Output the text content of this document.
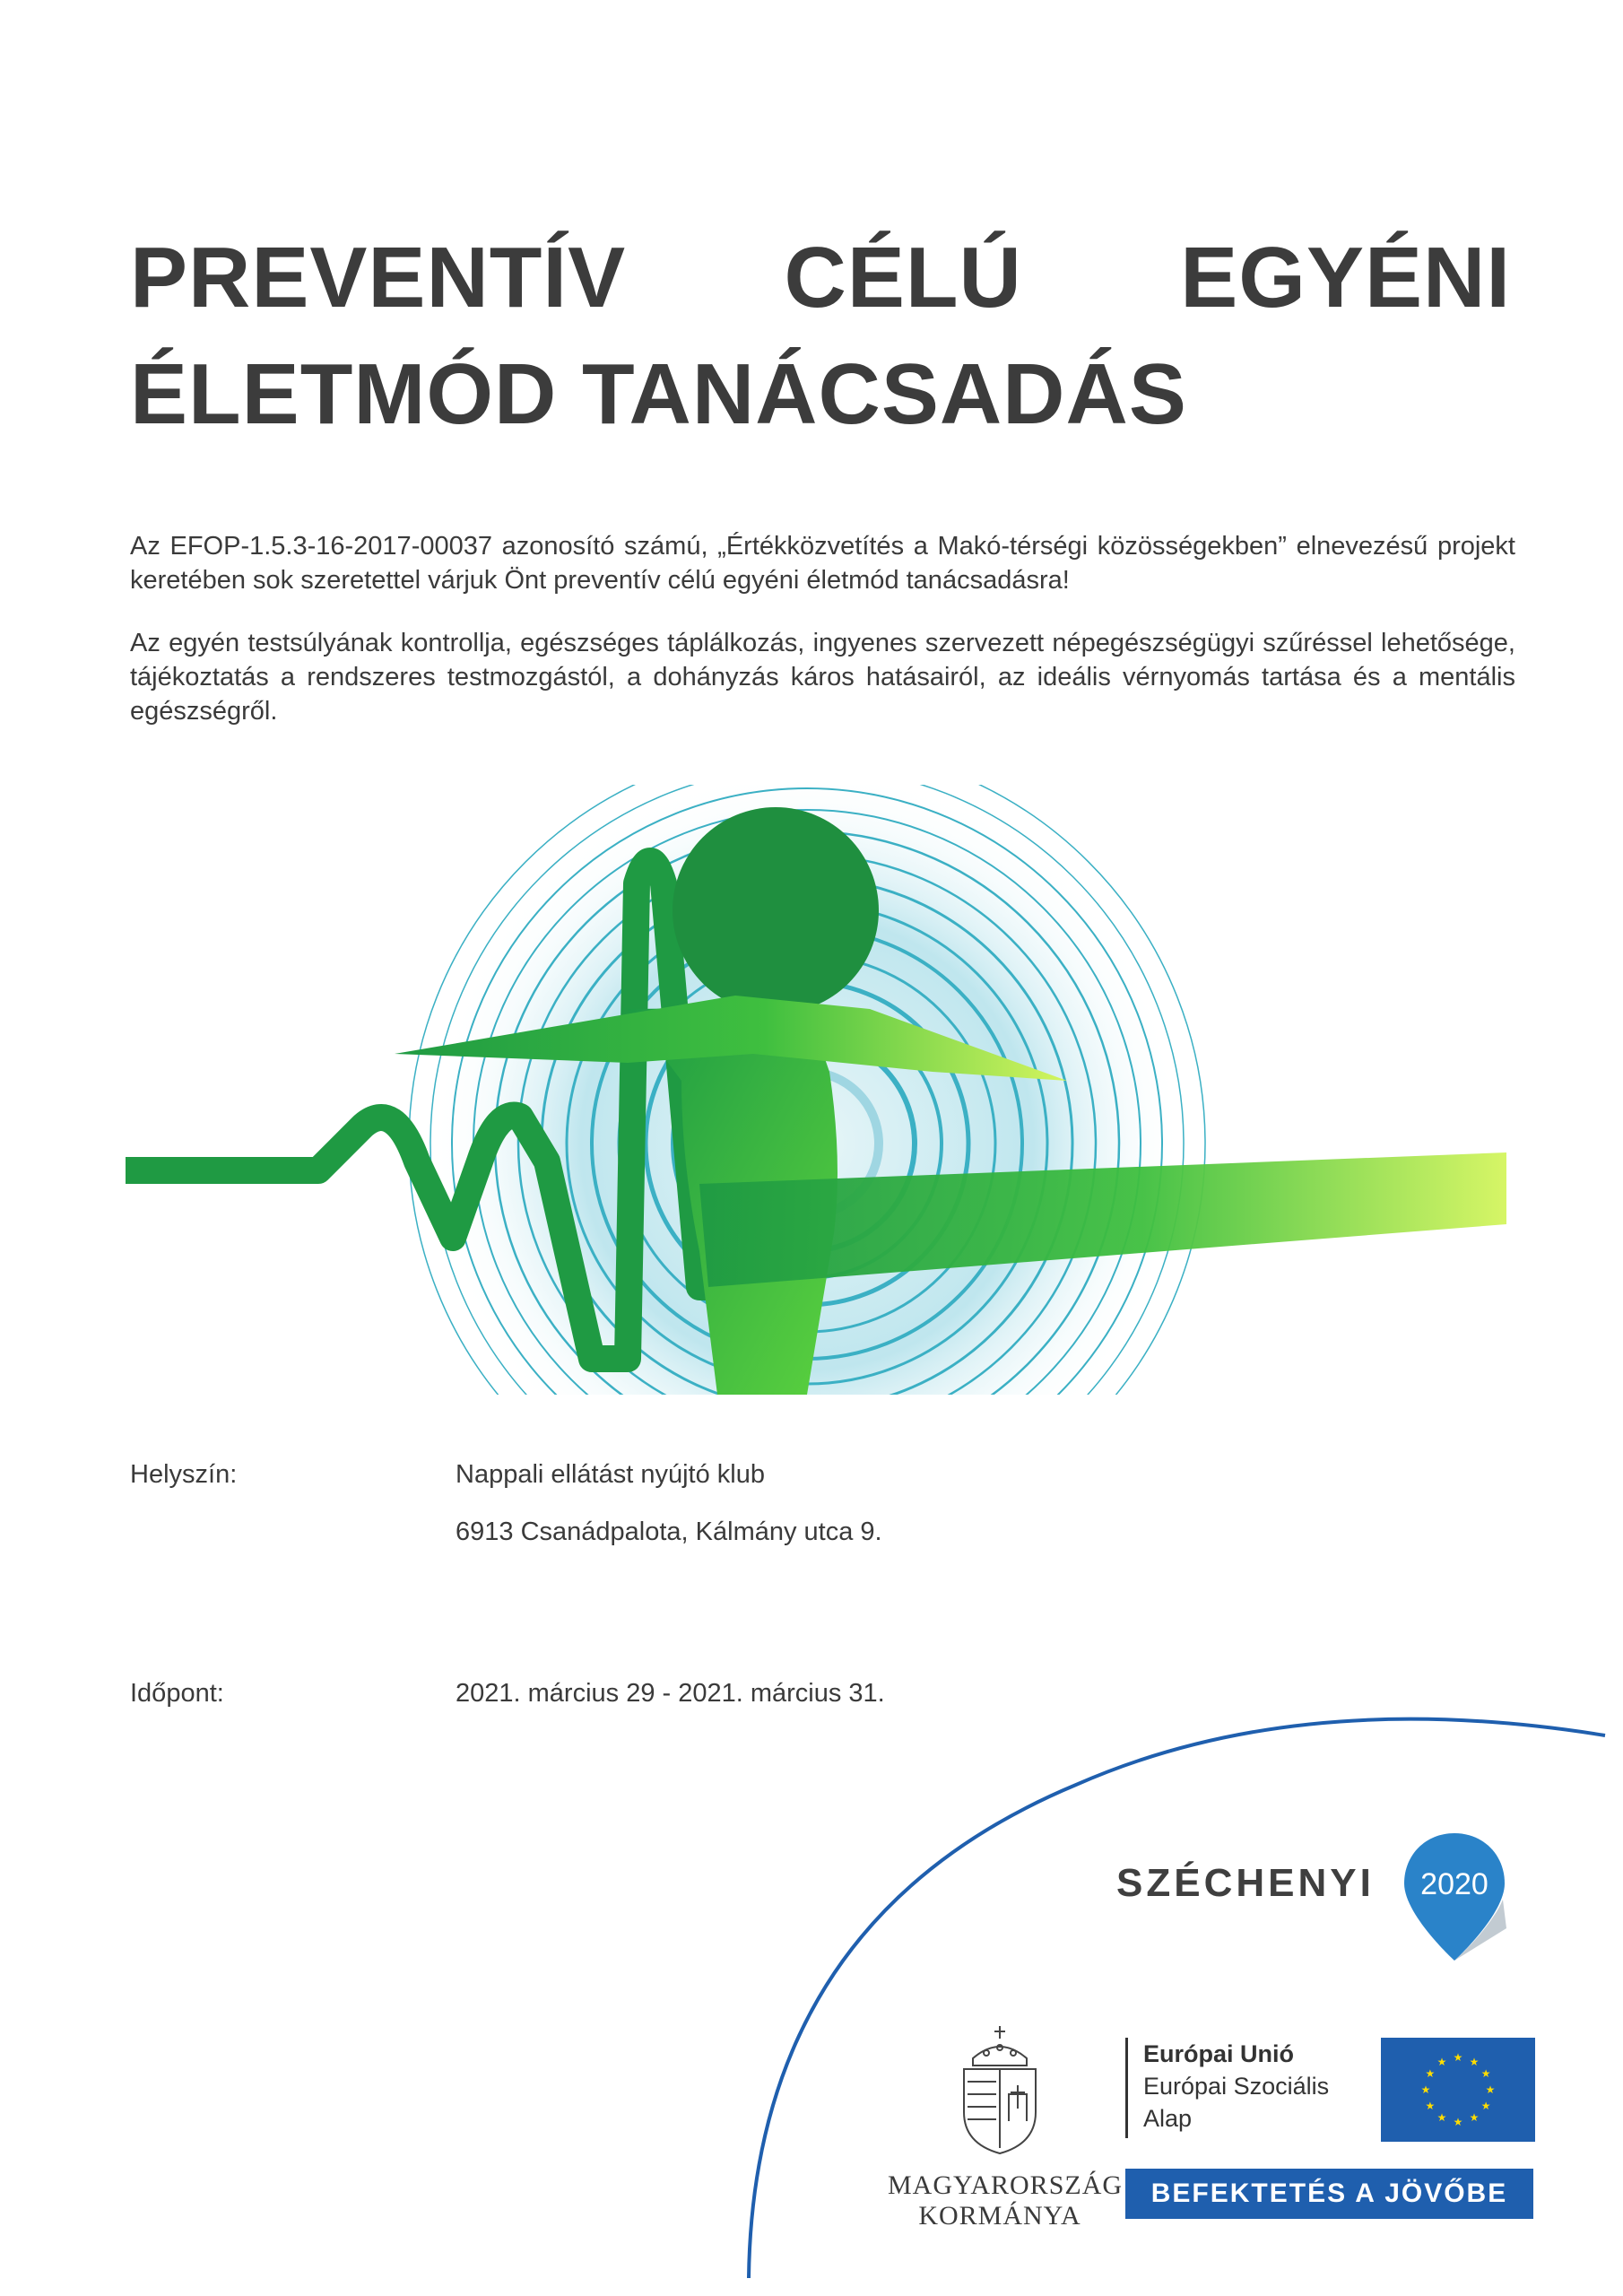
PREVENTÍV CÉLÚ EGYÉNI
ÉLETMÓD TANÁCSADÁS

Az EFOP-1.5.3-16-2017-00037 azonosító számú, „Értékközvetítés a Makó-térségi közösségekben” elnevezésű projekt keretében sok szeretettel várjuk Önt preventív célú egyéni életmód tanácsadásra!

Az egyén testsúlyának kontrollja, egészséges táplálkozás, ingyenes szervezett népegészségügyi szűréssel lehetősége, tájékoztatás a rendszeres testmozgástól, a dohányzás káros hatásairól, az ideális vérnyomás tartása és a mentális egészségről.

Helyszín:	Nappali ellátást nyújtó klub
6913 Csanádpalota, Kálmány utca 9.
Időpont:	2021. március 29 - 2021. március 31.
SZÉCHENYI 2020
MAGYARORSZÁG
KORMÁNYA
Európai Unió
Európai Szociális
Alap
★
★
★
★
★
★
★
★
★ ★ ★
★
BEFEKTETÉS A JÖVŐBE
